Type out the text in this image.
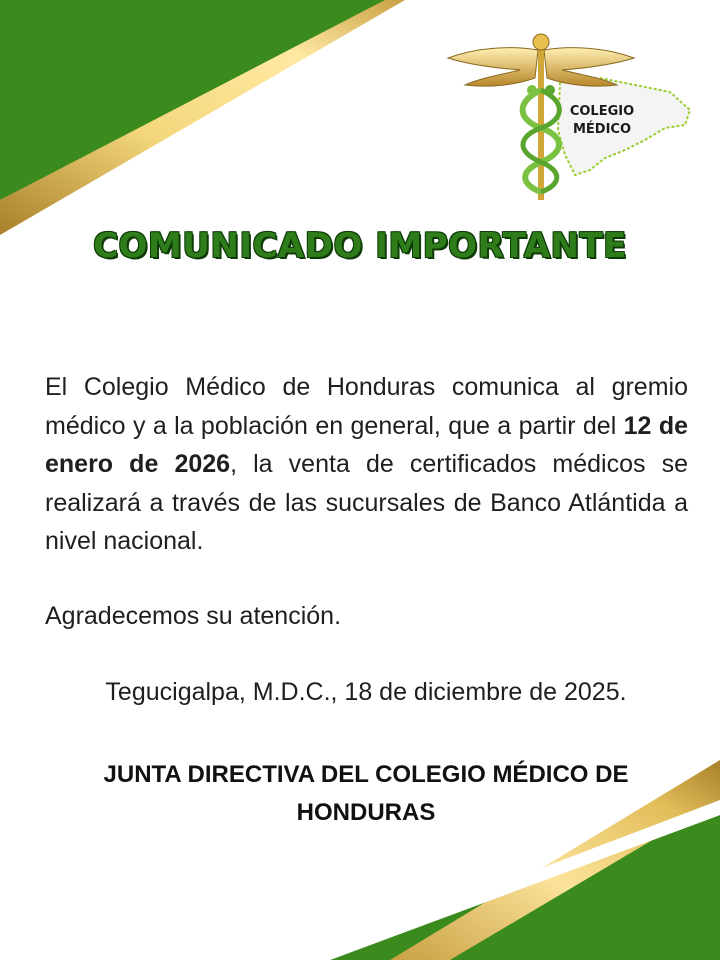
COLEGIO
MÉDICO
COMUNICADO IMPORTANTE
El Colegio Médico de Honduras comunica al gremio médico y a la población en general, que a partir del 12 de enero de 2026, la venta de certificados médicos se realizará a través de las sucursales de Banco Atlántida a nivel nacional.
Agradecemos su atención.
Tegucigalpa, M.D.C., 18 de diciembre de 2025.
JUNTA DIRECTIVA DEL COLEGIO MÉDICO DE
HONDURAS
